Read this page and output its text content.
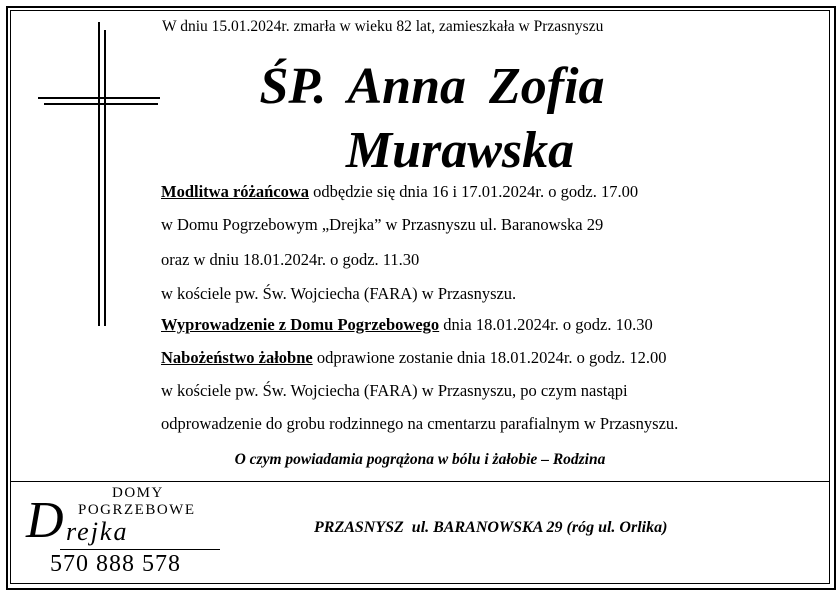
W dniu 15.01.2024r. zmarła w wieku 82 lat, zamieszkała w Przasnyszu
ŚP. Anna Zofia
Murawska
Modlitwa różańcowa odbędzie się dnia 16 i 17.01.2024r. o godz. 17.00
w Domu Pogrzebowym „Drejka” w Przasnyszu ul. Baranowska 29
oraz w dniu 18.01.2024r. o godz. 11.30
w kościele pw. Św. Wojciecha (FARA) w Przasnyszu.
Wyprowadzenie z Domu Pogrzebowego dnia 18.01.2024r. o godz. 10.30
Nabożeństwo żałobne odprawione zostanie dnia 18.01.2024r. o godz. 12.00
w kościele pw. Św. Wojciecha (FARA) w Przasnyszu, po czym nastąpi
odprowadzenie do grobu rodzinnego na cmentarzu parafialnym w Przasnyszu.
O czym powiadamia pogrążona w bólu i żałobie – Rodzina
DOMY
POGRZEBOWE
D rejka
570 888 578
PRZASNYSZ  ul. BARANOWSKA 29 (róg ul. Orlika)
